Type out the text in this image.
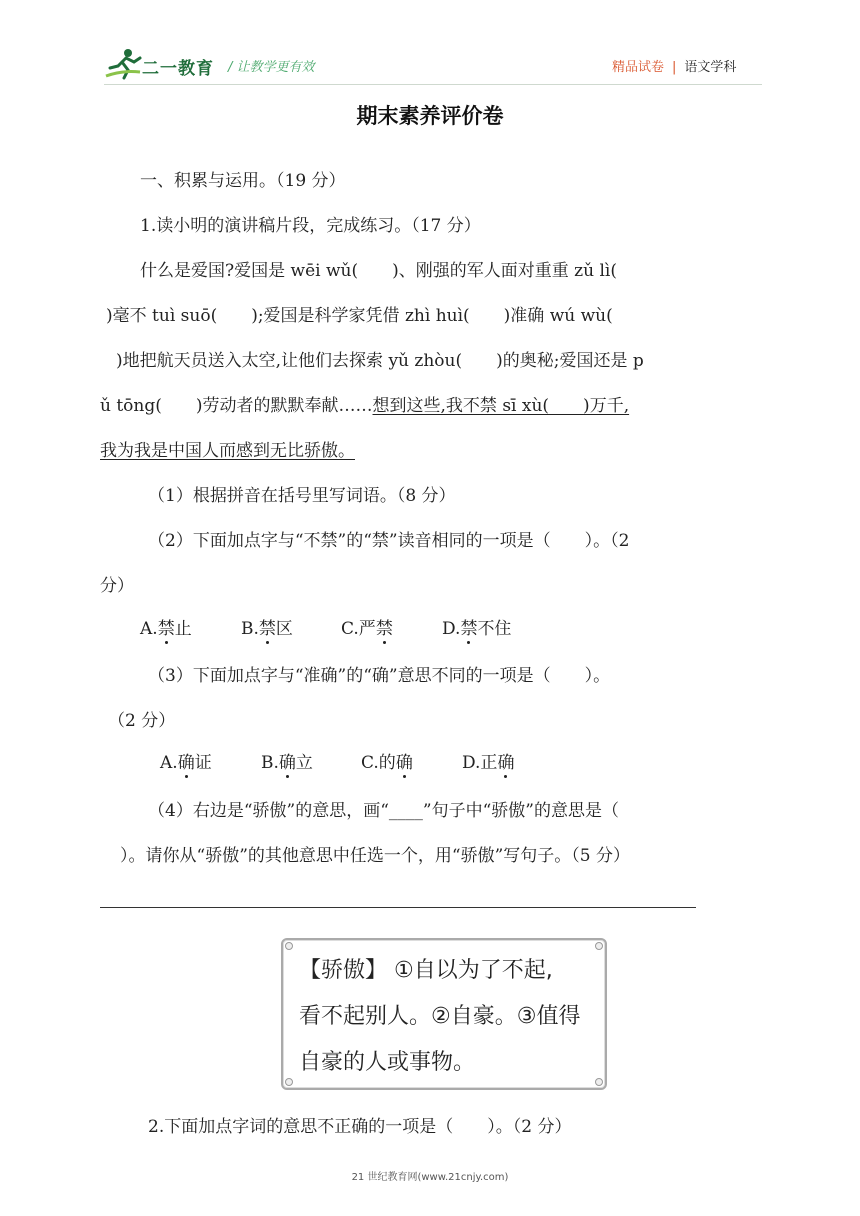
二一教育 / 让教学更有效	精品试卷 | 语文学科
期末素养评价卷
一、积累与运用。（19 分）
1.读小明的演讲稿片段，完成练习。（17 分）
什么是爱国?爱国是 wēi wǔ(　　)、刚强的军人面对重重 zǔ lì(
)毫不 tuì suō(　　);爱国是科学家凭借 zhì huì(　　)准确 wú wù(
)地把航天员送入太空,让他们去探索 yǔ zhòu(　　)的奥秘;爱国还是 p
ǔ tōng(　　)劳动者的默默奉献……想到这些,我不禁 sī xù(　　)万千,
我为我是中国人而感到无比骄傲。
（1）根据拼音在括号里写词语。（8 分）
（2）下面加点字与“不禁”的“禁”读音相同的一项是（　　）。（2
分）
A.禁止	B.禁区	C.严禁	D.禁不住
（3）下面加点字与“准确”的“确”意思不同的一项是（　　）。
（2 分）
A.确证	B.确立	C.的确	D.正确
（4）右边是“骄傲”的意思，画“____”句子中“骄傲”的意思是（
）。请你从“骄傲”的其他意思中任选一个，用“骄傲”写句子。（5 分）
【骄傲】 ①自以为了不起,
看不起别人。②自豪。③值得
自豪的人或事物。
2.下面加点字词的意思不正确的一项是（　　）。（2 分）
21 世纪教育网(www.21cnjy.com)
